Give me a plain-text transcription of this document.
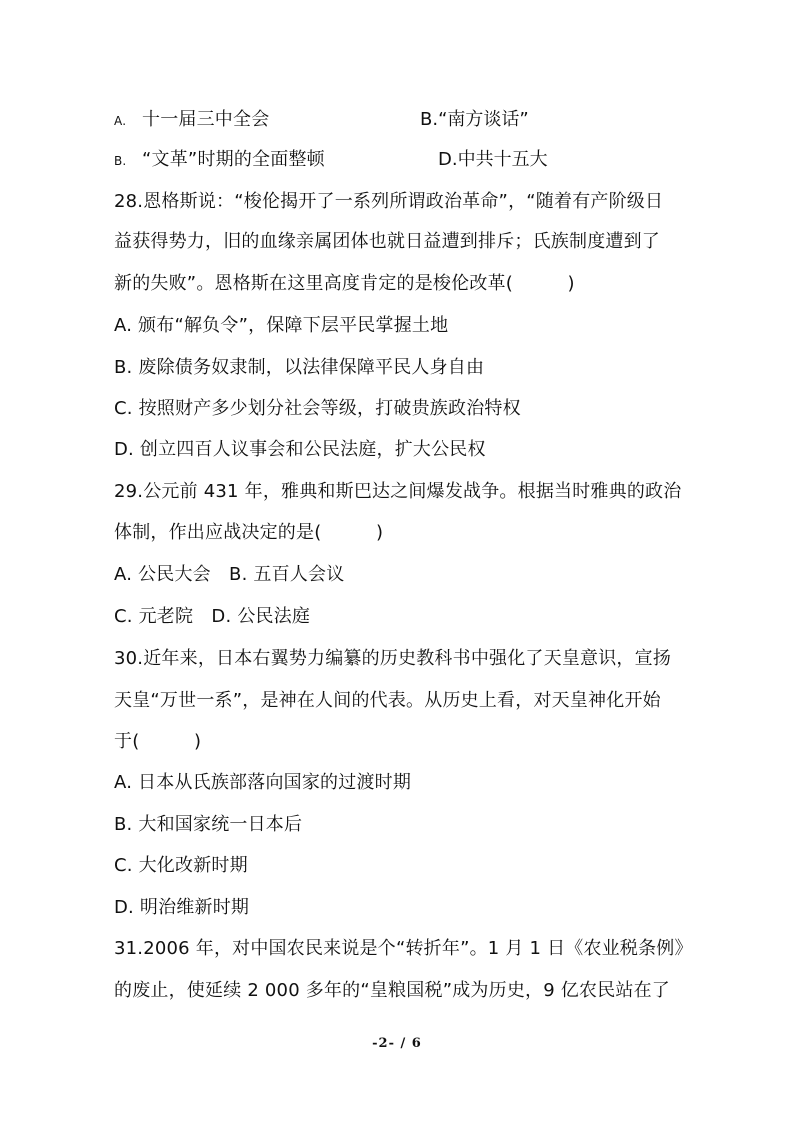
A. 十一届三中全会	B.“南方谈话”
B. “文革”时期的全面整顿	D.中共十五大
28.恩格斯说：“梭伦揭开了一系列所谓政治革命”，“随着有产阶级日
益获得势力，旧的血缘亲属团体也就日益遭到排斥；氏族制度遭到了
新的失败”。恩格斯在这里高度肯定的是梭伦改革(　　　)
A. 颁布“解负令”，保障下层平民掌握土地
B. 废除债务奴隶制，以法律保障平民人身自由
C. 按照财产多少划分社会等级，打破贵族政治特权
D. 创立四百人议事会和公民法庭，扩大公民权
29.公元前 431 年，雅典和斯巴达之间爆发战争。根据当时雅典的政治
体制，作出应战决定的是(　　　)
A. 公民大会　B. 五百人会议
C. 元老院　D. 公民法庭
30.近年来，日本右翼势力编纂的历史教科书中强化了天皇意识，宣扬
天皇“万世一系”，是神在人间的代表。从历史上看，对天皇神化开始
于(　　　)
A. 日本从氏族部落向国家的过渡时期
B. 大和国家统一日本后
C. 大化改新时期
D. 明治维新时期
31.2006 年，对中国农民来说是个“转折年”。1 月 1 日《农业税条例》
的废止，使延续 2 000 多年的“皇粮国税”成为历史，9 亿农民站在了
-2- / 6
